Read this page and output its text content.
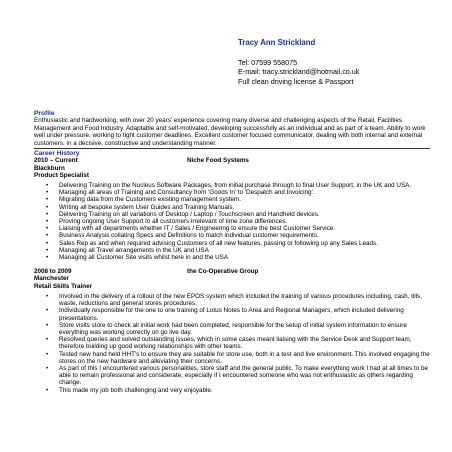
Tracy Ann Strickland
Tel: 07599 558075
E-mail: tracy.strickland@hotmail.co.uk
Full clean driving license & Passport
Profile

Enthusiastic and hardworking, with over 20 years' experience covering many diverse and challenging aspects of the Retail, Facilities Management and Food Industry. Adaptable and self-motivated, developing successfully as an individual and as part of a team. Ability to work well under pressure, working to tight customer deadlines. Excellent customer focused communicator, dealing with both internal and external customers, in a decisive, constructive and understanding manner.

Career History
2010 – Current	Niche Food Systems
Blackburn
Product Specialist
• Delivering Training on the Nucleus Software Packages, from initial purchase through to final User Support, in the UK and USA.
• Managing all areas of Training and Consultancy from 'Goods In' to 'Despatch and Invoicing'.
• Migrating data from the Customers existing management system.
• Writing all bespoke system User Guides and Training Manuals.
• Delivering Training on all variations of Desktop / Laptop / Touchscreen and Handheld devices.
• Proving ongoing User Support to all customers irrelevant of time zone differences.
• Liaising with all departments whether IT / Sales / Engineering to ensure the best Customer Service.
• Business Analysis collating Specs and Definitions to match individual customer requirements.
• Sales Rep as and when required advising Customers of all new features, passing or following up any Sales Leads.
• Managing all Travel arrangements in the UK and USA
• Managing all Customer Site visits whilst here in and the USA
2008 to 2009	the Co-Operative Group
Manchester
Retail Skills Trainer
• Involved in the delivery of a rollout of the new EPOS system which included the training of various procedures including, cash, tills, waste, reductions and general stores procedures.
• Individually responsible for the one to one training of Lotus Notes to Area and Regional Managers, which included delivering presentations.
• Store visits store to check all initial work had been completed, responsible for the setup of initial system information to ensure everything was working correctly on go live day.
• Resolved queries and solved outstanding issues, which in some cases meant liaising with the Service Desk and Support team, therefore building up good working relationships with other teams.
• Tested new hand held HHT's to ensure they are suitable for store use, both in a test and live environment. This involved engaging the stores on the new hardware and alleviating their concerns.
• As part of this I encountered various personalities, store staff and the general public. To make everything work I had at all times to be able to remain professional and considerate, especially if I encountered someone who was not enthusiastic as others regarding change.
• This made my job both challenging and very enjoyable.
